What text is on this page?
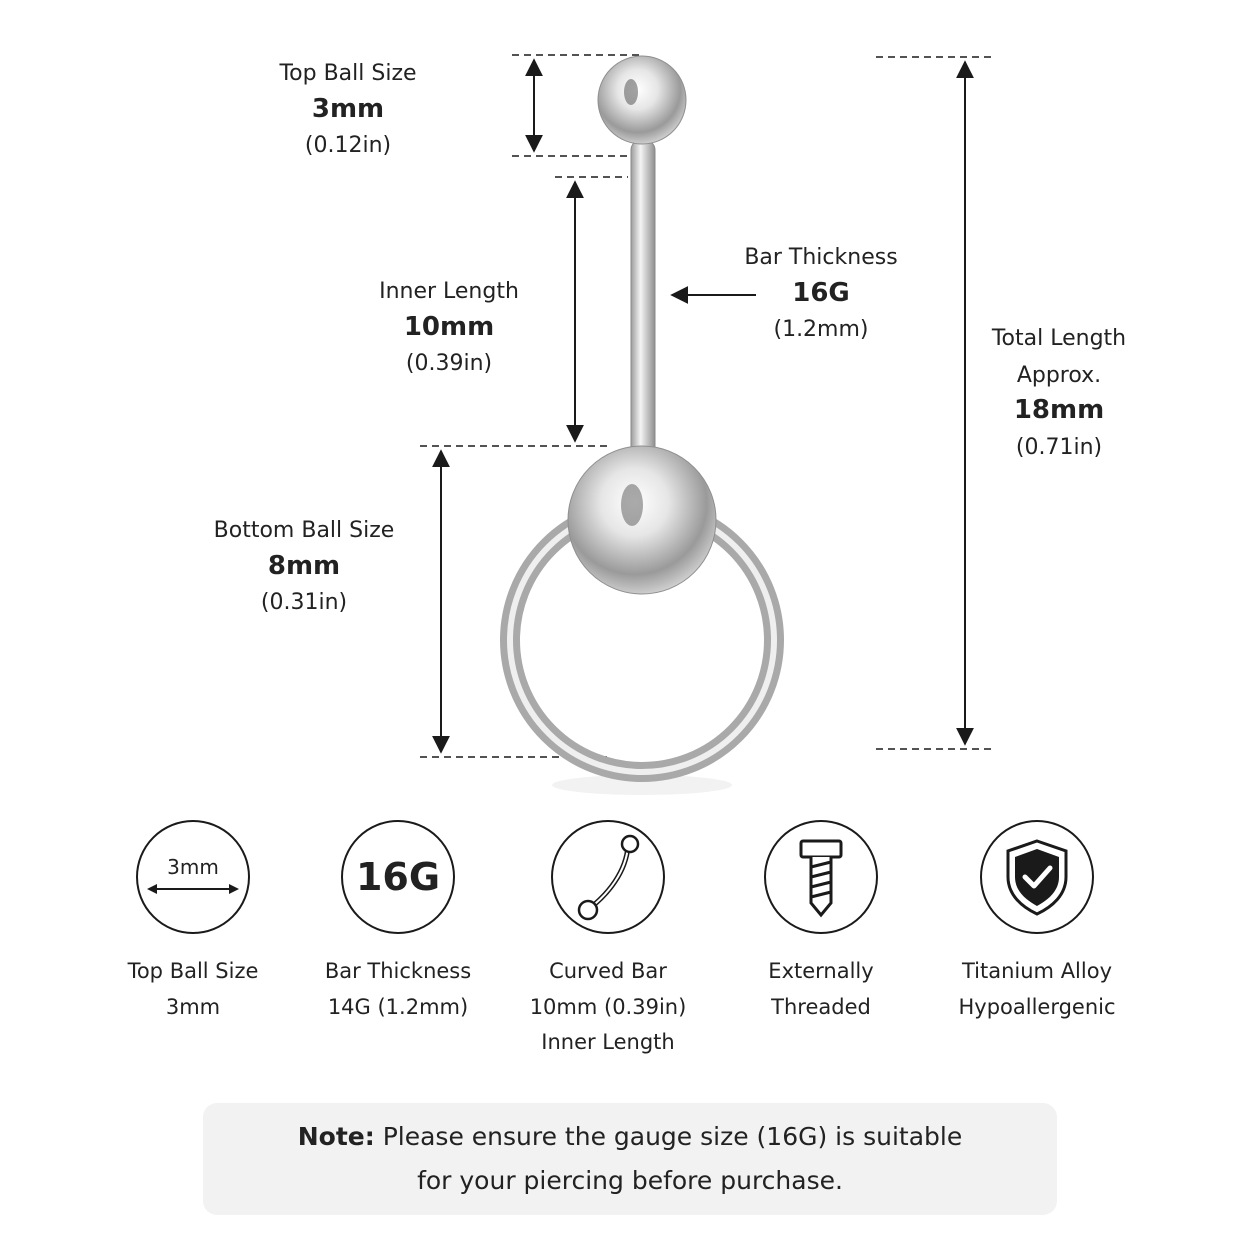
Top Ball Size
3mm
(0.12in)
Inner Length
10mm
(0.39in)
Bar Thickness
16G
(1.2mm)
Bottom Ball Size
8mm
(0.31in)
Total Length
Approx.
18mm
(0.71in)
3mm
Top Ball Size
3mm
16G
Bar Thickness
14G (1.2mm)
Curved Bar
10mm (0.39in)
Inner Length
Externally
Threaded
Titanium Alloy
Hypoallergenic
Note: Please ensure the gauge size (16G) is suitable
for your piercing before purchase.
